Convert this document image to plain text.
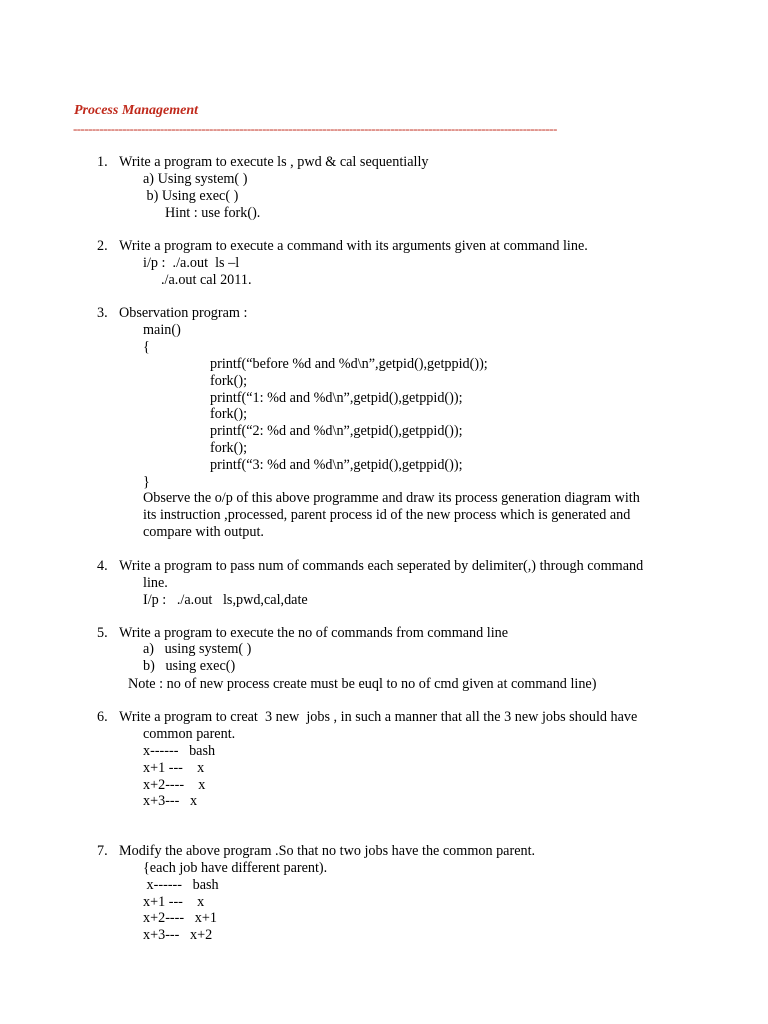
Process Management
--------------------------------------------------------------------------------------------------------------------------------
1. Write a program to execute ls , pwd & cal sequentially
a) Using system( )
b) Using exec( )
Hint : use fork().
2. Write a program to execute a command with its arguments given at command line.
i/p :  ./a.out  ls –l
./a.out cal 2011.
3. Observation program :
main()
{
printf(“before %d and %d\n”,getpid(),getppid());
fork();
printf(“1: %d and %d\n”,getpid(),getppid());
fork();
printf(“2: %d and %d\n”,getpid(),getppid());
fork();
printf(“3: %d and %d\n”,getpid(),getppid());
}
Observe the o/p of this above programme and draw its process generation diagram with
its instruction ,processed, parent process id of the new process which is generated and
compare with output.
4. Write a program to pass num of commands each seperated by delimiter(,) through command
line.
I/p :   ./a.out   ls,pwd,cal,date
5. Write a program to execute the no of commands from command line
a)   using system( )
b)   using exec()
Note : no of new process create must be euql to no of cmd given at command line)
6. Write a program to creat  3 new  jobs , in such a manner that all the 3 new jobs should have
common parent.
x------   bash
x+1 ---    x
x+2----    x
x+3---   x
7. Modify the above program .So that no two jobs have the common parent.
{each job have different parent).
x------   bash
x+1 ---    x
x+2----   x+1
x+3---   x+2
